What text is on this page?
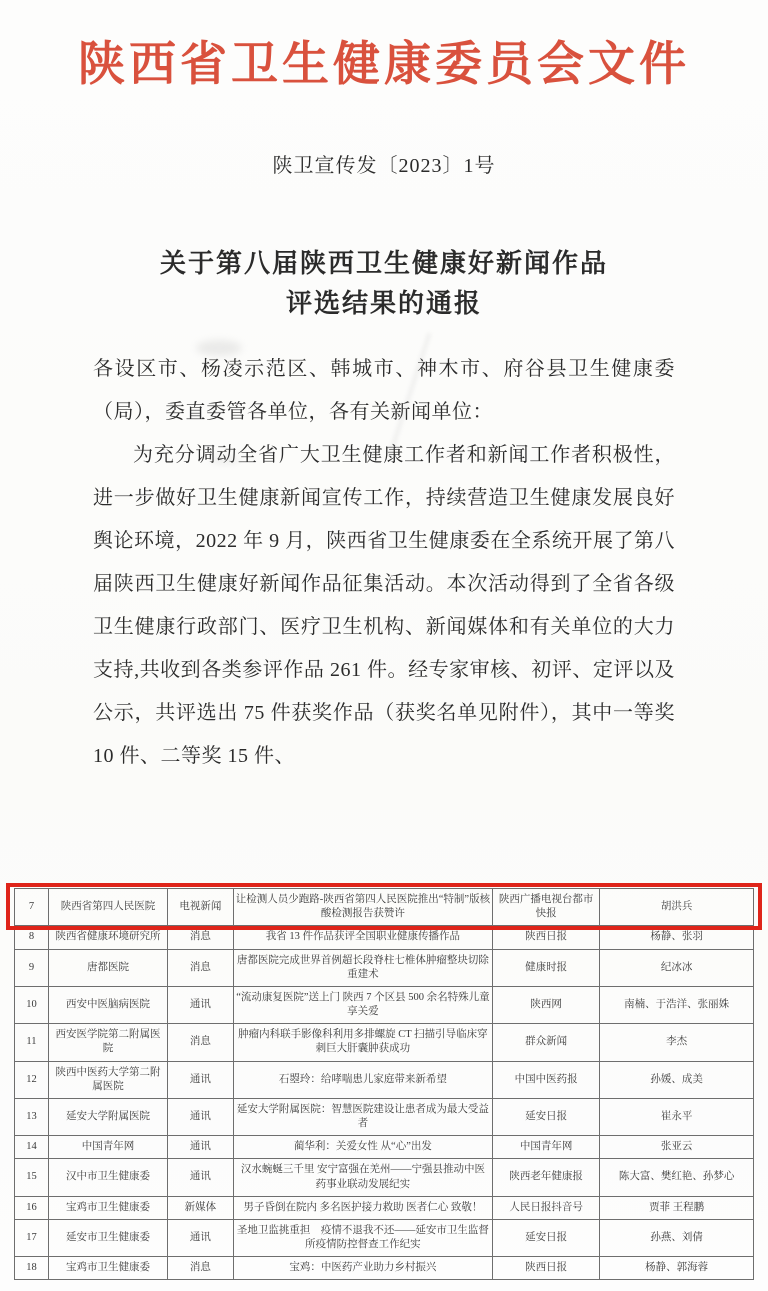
陕西省卫生健康委员会文件
陕卫宣传发〔2023〕1号
关于第八届陕西卫生健康好新闻作品
评选结果的通报

各设区市、杨凌示范区、韩城市、神木市、府谷县卫生健康委（局），委直委管各单位，各有关新闻单位：

为充分调动全省广大卫生健康工作者和新闻工作者积极性，进一步做好卫生健康新闻宣传工作，持续营造卫生健康发展良好舆论环境，2022 年 9 月，陕西省卫生健康委在全系统开展了第八届陕西卫生健康好新闻作品征集活动。本次活动得到了全省各级卫生健康行政部门、医疗卫生机构、新闻媒体和有关单位的大力支持,共收到各类参评作品 261 件。经专家审核、初评、定评以及公示，共评选出 75 件获奖作品（获奖名单见附件），其中一等奖 10 件、二等奖 15 件、

7	陕西省第四人民医院	电视新闻	让检测人员少跑路-陕西省第四人民医院推出“特制”版核酸检测报告获赞许	陕西广播电视台都市快报	胡洪兵
8	陕西省健康环境研究所	消息	我省 13 件作品获评全国职业健康传播作品	陕西日报	杨静、张羽
9	唐都医院	消息	唐都医院完成世界首例超长段脊柱七椎体肿瘤整块切除重建术	健康时报	纪冰冰
10	西安中医脑病医院	通讯	“流动康复医院”送上门 陕西 7 个区县 500 余名特殊儿童享关爱	陕西网	南楠、于浩洋、张丽姝
11	西安医学院第二附属医院	消息	肿瘤内科联手影像科利用多排螺旋 CT 扫描引导临床穿刺巨大肝囊肿获成功	群众新闻	李杰
12	陕西中医药大学第二附属医院	通讯	石曌玲：给哮喘患儿家庭带来新希望	中国中医药报	孙媛、成美
13	延安大学附属医院	通讯	延安大学附属医院：智慧医院建设让患者成为最大受益者	延安日报	崔永平
14	中国青年网	通讯	蔺华利：关爱女性 从“心”出发	中国青年网	张亚云
15	汉中市卫生健康委	通讯	汉水蜿蜒三千里 安宁富强在羌州——宁强县推动中医药事业联动发展纪实	陕西老年健康报	陈大富、樊红艳、孙梦心
16	宝鸡市卫生健康委	新媒体	男子昏倒在院内 多名医护接力救助 医者仁心 致敬！	人民日报抖音号	贾菲 王程鹏
17	延安市卫生健康委	通讯	圣地卫监挑重担　疫情不退我不还——延安市卫生监督所疫情防控督查工作纪实	延安日报	孙燕、刘倩
18	宝鸡市卫生健康委	消息	宝鸡：中医药产业助力乡村振兴	陕西日报	杨静、郭海蓉
